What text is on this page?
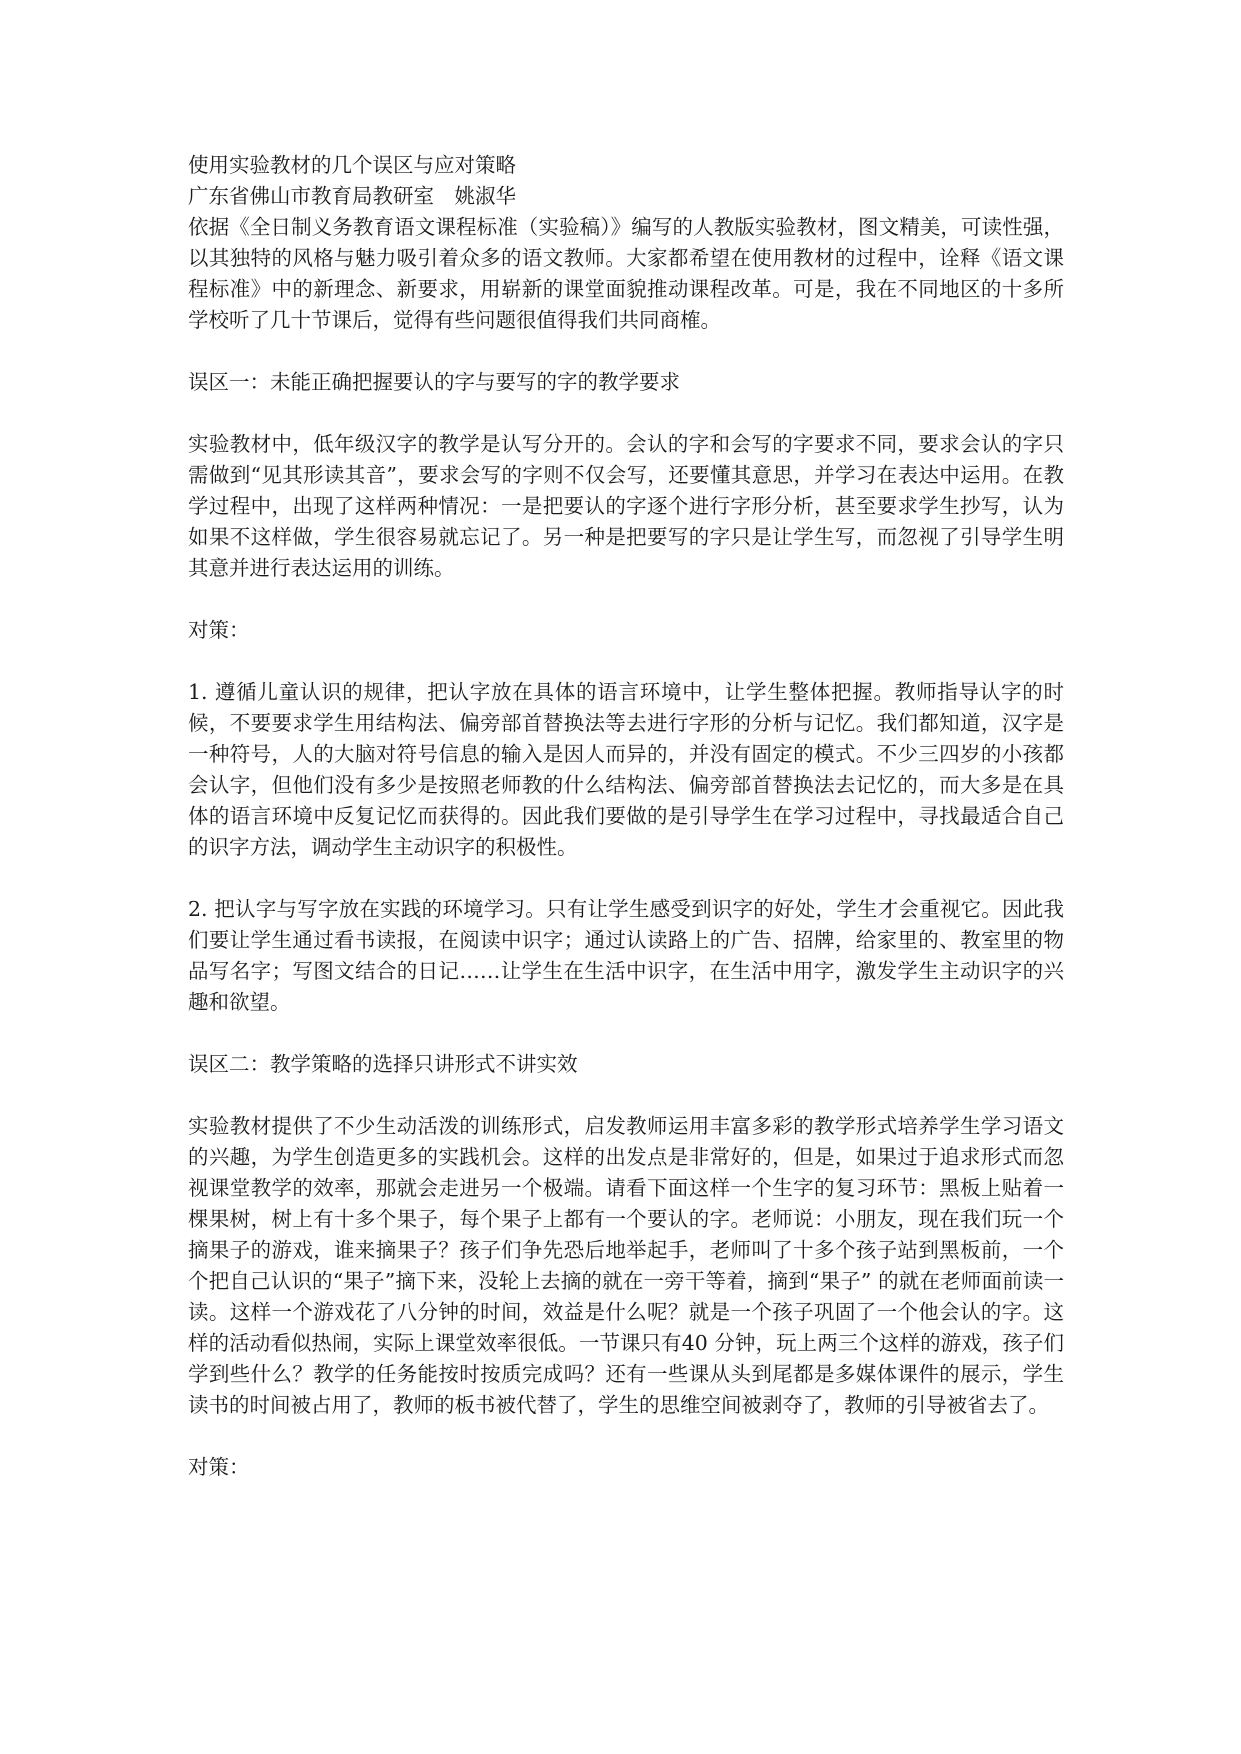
使用实验教材的几个误区与应对策略

广东省佛山市教育局教研室　姚淑华

依据《全日制义务教育语文课程标准（实验稿）》编写的人教版实验教材，图文精美，可读性强，以其独特的风格与魅力吸引着众多的语文教师。大家都希望在使用教材的过程中，诠释《语文课程标准》中的新理念、新要求，用崭新的课堂面貌推动课程改革。可是，我在不同地区的十多所学校听了几十节课后，觉得有些问题很值得我们共同商榷。

误区一：未能正确把握要认的字与要写的字的教学要求

实验教材中，低年级汉字的教学是认写分开的。会认的字和会写的字要求不同，要求会认的字只需做到“见其形读其音”，要求会写的字则不仅会写，还要懂其意思，并学习在表达中运用。在教学过程中，出现了这样两种情况：一是把要认的字逐个进行字形分析，甚至要求学生抄写，认为如果不这样做，学生很容易就忘记了。另一种是把要写的字只是让学生写，而忽视了引导学生明其意并进行表达运用的训练。

对策：

1. 遵循儿童认识的规律，把认字放在具体的语言环境中，让学生整体把握。教师指导认字的时候，不要要求学生用结构法、偏旁部首替换法等去进行字形的分析与记忆。我们都知道，汉字是一种符号，人的大脑对符号信息的输入是因人而异的，并没有固定的模式。不少三四岁的小孩都会认字，但他们没有多少是按照老师教的什么结构法、偏旁部首替换法去记忆的，而大多是在具体的语言环境中反复记忆而获得的。因此我们要做的是引导学生在学习过程中，寻找最适合自己的识字方法，调动学生主动识字的积极性。

2. 把认字与写字放在实践的环境学习。只有让学生感受到识字的好处，学生才会重视它。因此我们要让学生通过看书读报，在阅读中识字；通过认读路上的广告、招牌，给家里的、教室里的物品写名字；写图文结合的日记……让学生在生活中识字，在生活中用字，激发学生主动识字的兴趣和欲望。

误区二：教学策略的选择只讲形式不讲实效

实验教材提供了不少生动活泼的训练形式，启发教师运用丰富多彩的教学形式培养学生学习语文的兴趣，为学生创造更多的实践机会。这样的出发点是非常好的，但是，如果过于追求形式而忽视课堂教学的效率，那就会走进另一个极端。请看下面这样一个生字的复习环节：黑板上贴着一棵果树，树上有十多个果子，每个果子上都有一个要认的字。老师说：小朋友，现在我们玩一个摘果子的游戏，谁来摘果子？孩子们争先恐后地举起手，老师叫了十多个孩子站到黑板前，一个个把自己认识的“果子”摘下来，没轮上去摘的就在一旁干等着，摘到“果子” 的就在老师面前读一读。这样一个游戏花了八分钟的时间，效益是什么呢？就是一个孩子巩固了一个他会认的字。这样的活动看似热闹，实际上课堂效率很低。一节课只有40 分钟，玩上两三个这样的游戏，孩子们学到些什么？教学的任务能按时按质完成吗？还有一些课从头到尾都是多媒体课件的展示，学生读书的时间被占用了，教师的板书被代替了，学生的思维空间被剥夺了，教师的引导被省去了。

对策：
